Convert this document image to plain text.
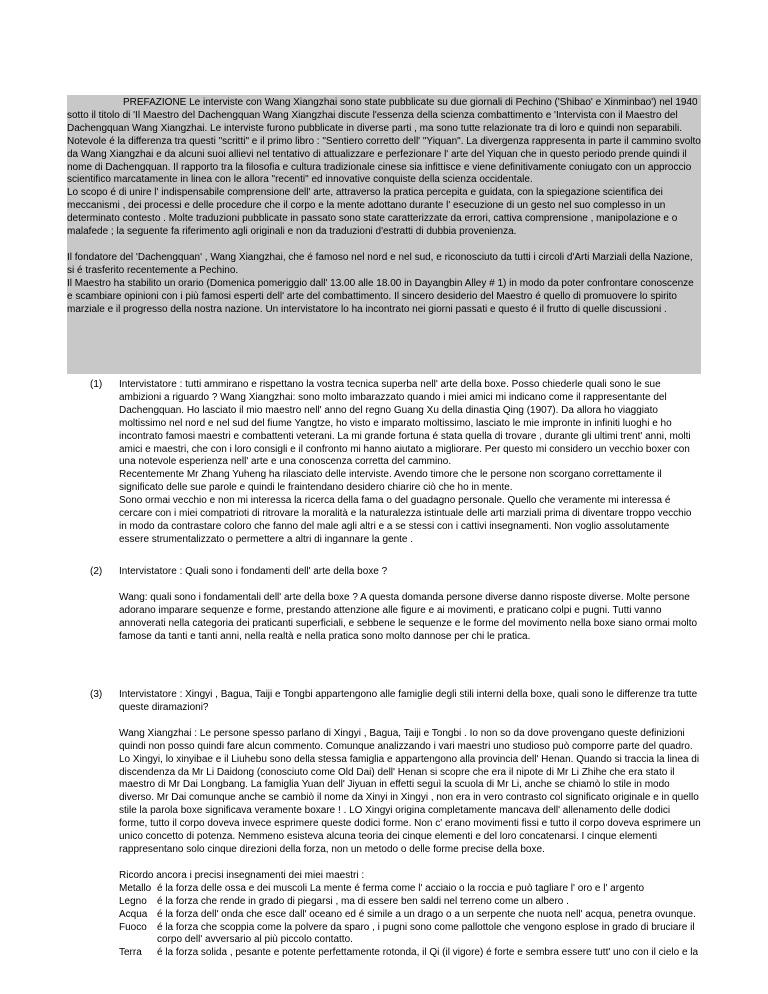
PREFAZIONE Le interviste con Wang Xiangzhai sono state pubblicate su due giornali di Pechino ('Shibao' e Xinminbao') nel 1940 sotto il titolo di 'Il Maestro del Dachengquan Wang Xiangzhai discute l'essenza della scienza combattimento e 'Intervista con il Maestro del Dachengquan Wang Xiangzhai. Le interviste furono pubblicate in diverse parti , ma sono tutte relazionate tra di loro e quindi non separabili.

Notevole é la differenza tra questi "scritti" e il primo libro : "Sentiero corretto dell' "Yiquan". La divergenza rappresenta in parte il cammino svolto da Wang Xiangzhai e da alcuni suoi allievi nel tentativo di attualizzare e perfezionare l' arte del Yiquan che in questo periodo prende quindi il nome di Dachengquan. Il rapporto tra la filosofia e cultura tradizionale cinese sia infittisce e viene definitivamente coniugato con un approccio scientifico marcatamente in linea con le allora "recenti" ed innovative conquiste della scienza occidentale.

Lo scopo é di unire l' indispensabile comprensione dell' arte, attraverso la pratica percepita e guidata, con la spiegazione scientifica dei meccanismi , dei processi e delle procedure che il corpo e la mente adottano durante l' esecuzione di un gesto nel suo complesso in un determinato contesto . Molte traduzioni pubblicate in passato sono state caratterizzate da errori, cattiva comprensione , manipolazione e o malafede ; la seguente fa riferimento agli originali e non da traduzioni d'estratti di dubbia provenienza.

Il fondatore del 'Dachengquan' , Wang Xiangzhai, che é famoso nel nord e nel sud, e riconosciuto da tutti i circoli d'Arti Marziali della Nazione, si é trasferito recentemente a Pechino.

Il Maestro ha stabilito un orario (Domenica pomeriggio dall' 13.00 alle 18.00 in Dayangbin Alley # 1) in modo da poter confrontare conoscenze e scambiare opinioni con i più famosi esperti dell' arte del combattimento. Il sincero desiderio del Maestro é quello di promuovere lo spirito marziale e il progresso della nostra nazione. Un intervistatore lo ha incontrato nei giorni passati e questo é il frutto di quelle discussioni .

(1) Intervistatore : tutti ammirano e rispettano la vostra tecnica superba nell' arte della boxe. Posso chiederle quali sono le sue ambizioni a riguardo ? Wang Xiangzhai: sono molto imbarazzato quando i miei amici mi indicano come il rappresentante del Dachengquan. Ho lasciato il mio maestro nell' anno del regno Guang Xu della dinastia Qing (1907). Da allora ho viaggiato moltissimo nel nord e nel sud del fiume Yangtze, ho visto e imparato moltissimo, lasciato le mie impronte in infiniti luoghi e ho incontrato famosi maestri e combattenti veterani. La mi grande fortuna é stata quella di trovare , durante gli ultimi trent' anni, molti amici e maestri, che con i loro consigli e il confronto mi hanno aiutato a migliorare. Per questo mi considero un vecchio boxer con una notevole esperienza nell' arte e una conoscenza corretta del cammino.

Recentemente Mr Zhang Yuheng ha rilasciato delle interviste. Avendo timore che le persone non scorgano correttamente il significato delle sue parole e quindi le fraintendano desidero chiarire ciò che ho in mente.

Sono ormai vecchio e non mi interessa la ricerca della fama o del guadagno personale. Quello che veramente mi interessa é cercare con i miei compatrioti di ritrovare la moralità e la naturalezza istintuale delle arti marziali prima di diventare troppo vecchio in modo da contrastare coloro che fanno del male agli altri e a se stessi con i cattivi insegnamenti. Non voglio assolutamente essere strumentalizzato o permettere a altri di ingannare la gente .

(2) Intervistatore : Quali sono i fondamenti dell' arte della boxe ?

Wang: quali sono i fondamentali dell' arte della boxe ? A questa domanda persone diverse danno risposte diverse. Molte persone adorano imparare sequenze e forme, prestando attenzione alle figure e ai movimenti, e praticano colpi e pugni. Tutti vanno annoverati nella categoria dei praticanti superficiali, e sebbene le sequenze e le forme del movimento nella boxe siano ormai molto famose da tanti e tanti anni, nella realtà e nella pratica sono molto dannose per chi le pratica.

(3) Intervistatore : Xingyi , Bagua, Taiji e Tongbi appartengono alle famiglie degli stili interni della boxe, quali sono le differenze tra tutte queste diramazioni?

Wang Xiangzhai : Le persone spesso parlano di Xingyi , Bagua, Taiji e Tongbi . Io non so da dove provengano queste definizioni quindi non posso quindi fare alcun commento. Comunque analizzando i vari maestri uno studioso può comporre parte del quadro.

Lo Xingyi, lo xinyibae e il Liuhebu sono della stessa famiglia e appartengono alla provincia dell' Henan. Quando si traccia la linea di discendenza da Mr Li Daidong (conosciuto come Old Dai) dell' Henan si scopre che era il nipote di Mr Li Zhihe che era stato il maestro di Mr Dai Longbang. La famiglia Yuan dell' Jiyuan in effetti seguì la scuola di Mr Li, anche se chiamò lo stile in modo diverso. Mr Dai comunque anche se cambiò il nome da Xinyi in Xingyi , non era in vero contrasto col significato originale e in quello stile la parola boxe significava veramente boxare ! . LO Xingyi origina completamente mancava dell' allenamento delle dodici forme, tutto il corpo doveva invece esprimere queste dodici forme. Non c' erano movimenti fissi e tutto il corpo doveva esprimere un unico concetto di potenza. Nemmeno esisteva alcuna teoria dei cinque elementi e del loro concatenarsi. I cinque elementi rappresentano solo cinque direzioni della forza, non un metodo o delle forme precise della boxe.

Ricordo ancora i precisi insegnamenti dei miei maestri :

Metallo é la forza delle ossa e dei muscoli La mente é ferma come l' acciaio o la roccia e può tagliare l' oro e l' argento
Legno	é la forza che rende in grado di piegarsi , ma di essere ben saldi nel terreno come un albero .
Acqua é la forza dell' onda che esce dall' oceano ed é simile a un drago o a un serpente che nuota nell' acqua, penetra ovunque.
Fuoco	é la forza che scoppia come la polvere da sparo , i pugni sono come pallottole che vengono esplose in grado di bruciare il corpo dell' avversario al più piccolo contatto.
Terra	é la forza solida , pesante e potente perfettamente rotonda, il Qi (il vigore) é forte e sembra essere tutt' uno con il cielo e la
